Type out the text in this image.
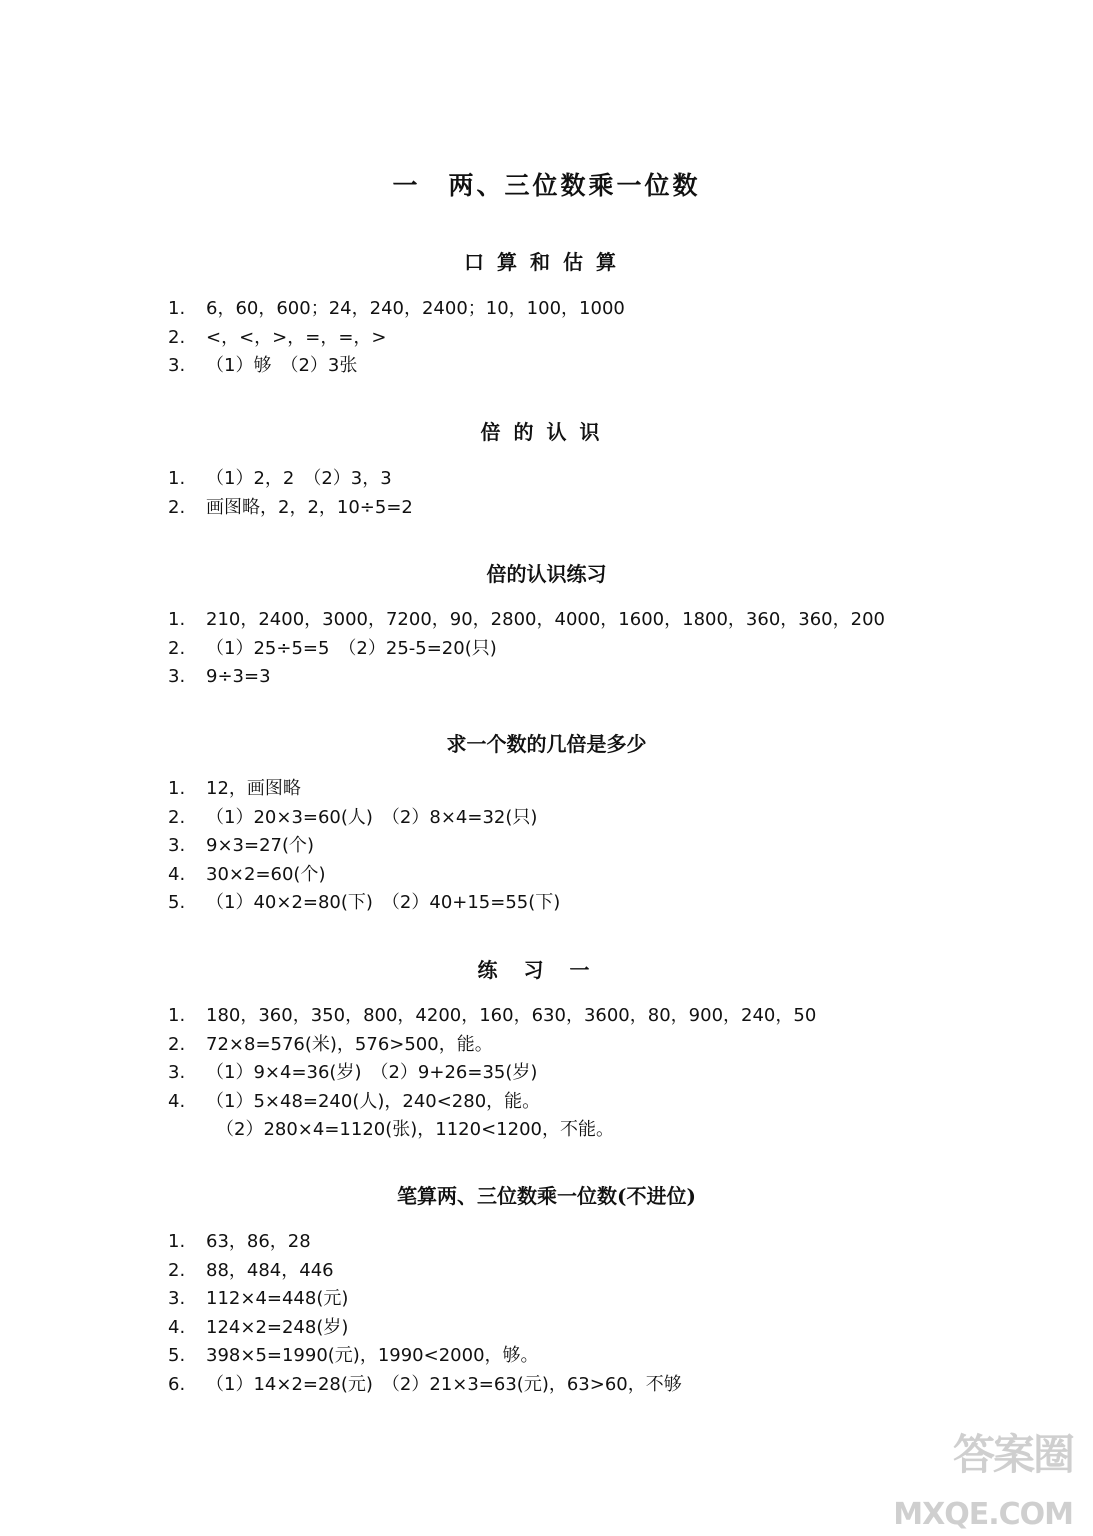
一　两、三位数乘一位数
口算和估算
1.	6，60，600；24，240，2400；10，100，1000
2.	<，<，>，=，=，>
3.	（1）够　（2）3张
倍的认识
1.	（1）2，2　（2）3，3
2.	画图略，2，2，10÷5=2
倍的认识练习
1.	210，2400，3000，7200，90，2800，4000，1600，1800，360，360，200
2.	（1）25÷5=5　（2）25-5=20(只)
3.	9÷3=3
求一个数的几倍是多少
1.	12，画图略
2.	（1）20×3=60(人)　（2）8×4=32(只)
3.	9×3=27(个)
4.	30×2=60(个)
5.	（1）40×2=80(下)　（2）40+15=55(下)
练习一
1.	180，360，350，800，4200，160，630，3600，80，900，240，50
2.	72×8=576(米)，576>500，能。
3.	（1）9×4=36(岁)　（2）9+26=35(岁)
4.	（1）5×48=240(人)，240<280，能。
（2）280×4=1120(张)，1120<1200，不能。
笔算两、三位数乘一位数(不进位)
1.	63，86，28
2.	88，484，446
3.	112×4=448(元)
4.	124×2=248(岁)
5.	398×5=1990(元)，1990<2000，够。
6.	（1）14×2=28(元)　（2）21×3=63(元)，63>60，不够
答案圈
MXQE.COM
